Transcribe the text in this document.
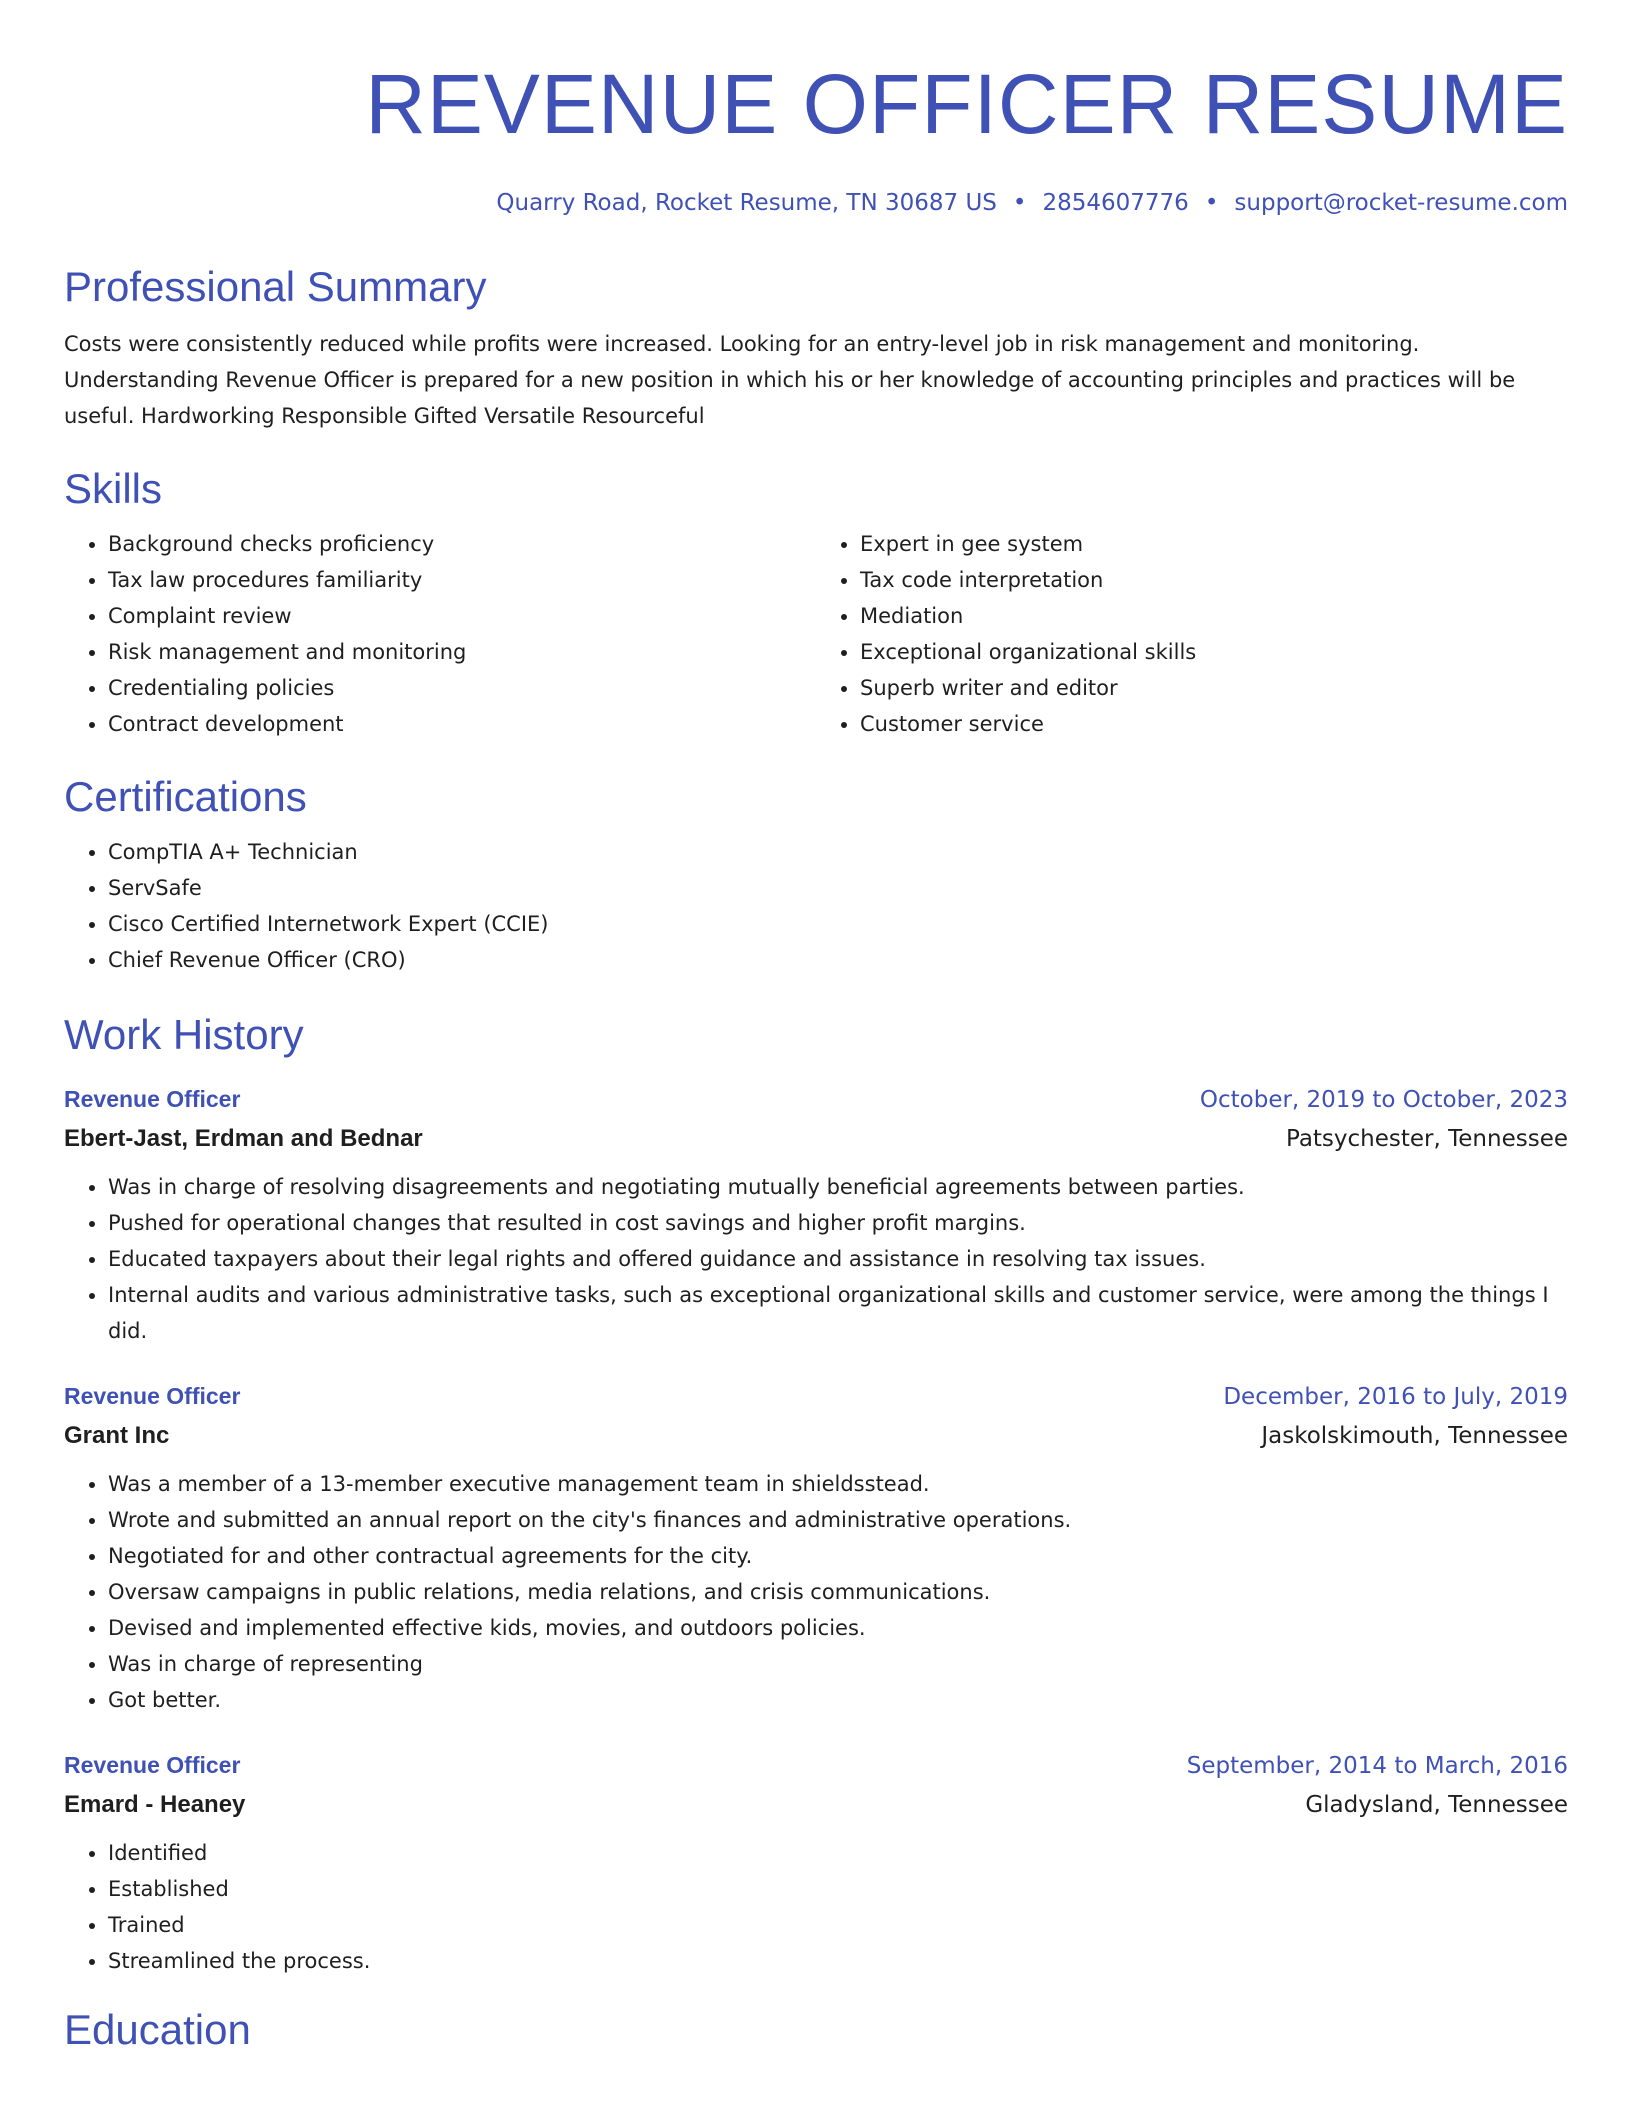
REVENUE OFFICER RESUME
Quarry Road, Rocket Resume, TN 30687 US • 2854607776 • support@rocket-resume.com
Professional Summary

Costs were consistently reduced while profits were increased. Looking for an entry-level job in risk management and monitoring. Understanding Revenue Officer is prepared for a new position in which his or her knowledge of accounting principles and practices will be useful. Hardworking Responsible Gifted Versatile Resourceful

Skills
• Background checks proficiency
• Tax law procedures familiarity
• Complaint review
• Risk management and monitoring
• Credentialing policies
• Contract development
• Expert in gee system
• Tax code interpretation
• Mediation
• Exceptional organizational skills
• Superb writer and editor
• Customer service
Certifications
• CompTIA A+ Technician
• ServSafe
• Cisco Certified Internetwork Expert (CCIE)
• Chief Revenue Officer (CRO)
Work History
Revenue Officer	October, 2019 to October, 2023
Ebert-Jast, Erdman and Bednar	Patsychester, Tennessee
• Was in charge of resolving disagreements and negotiating mutually beneficial agreements between parties.
• Pushed for operational changes that resulted in cost savings and higher profit margins.
• Educated taxpayers about their legal rights and offered guidance and assistance in resolving tax issues.
• Internal audits and various administrative tasks, such as exceptional organizational skills and customer service, were among the things I did.
Revenue Officer	December, 2016 to July, 2019
Grant Inc	Jaskolskimouth, Tennessee
• Was a member of a 13-member executive management team in shieldsstead.
• Wrote and submitted an annual report on the city's finances and administrative operations.
• Negotiated for and other contractual agreements for the city.
• Oversaw campaigns in public relations, media relations, and crisis communications.
• Devised and implemented effective kids, movies, and outdoors policies.
• Was in charge of representing
• Got better.
Revenue Officer	September, 2014 to March, 2016
Emard - Heaney	Gladysland, Tennessee
• Identified
• Established
• Trained
• Streamlined the process.
Education
